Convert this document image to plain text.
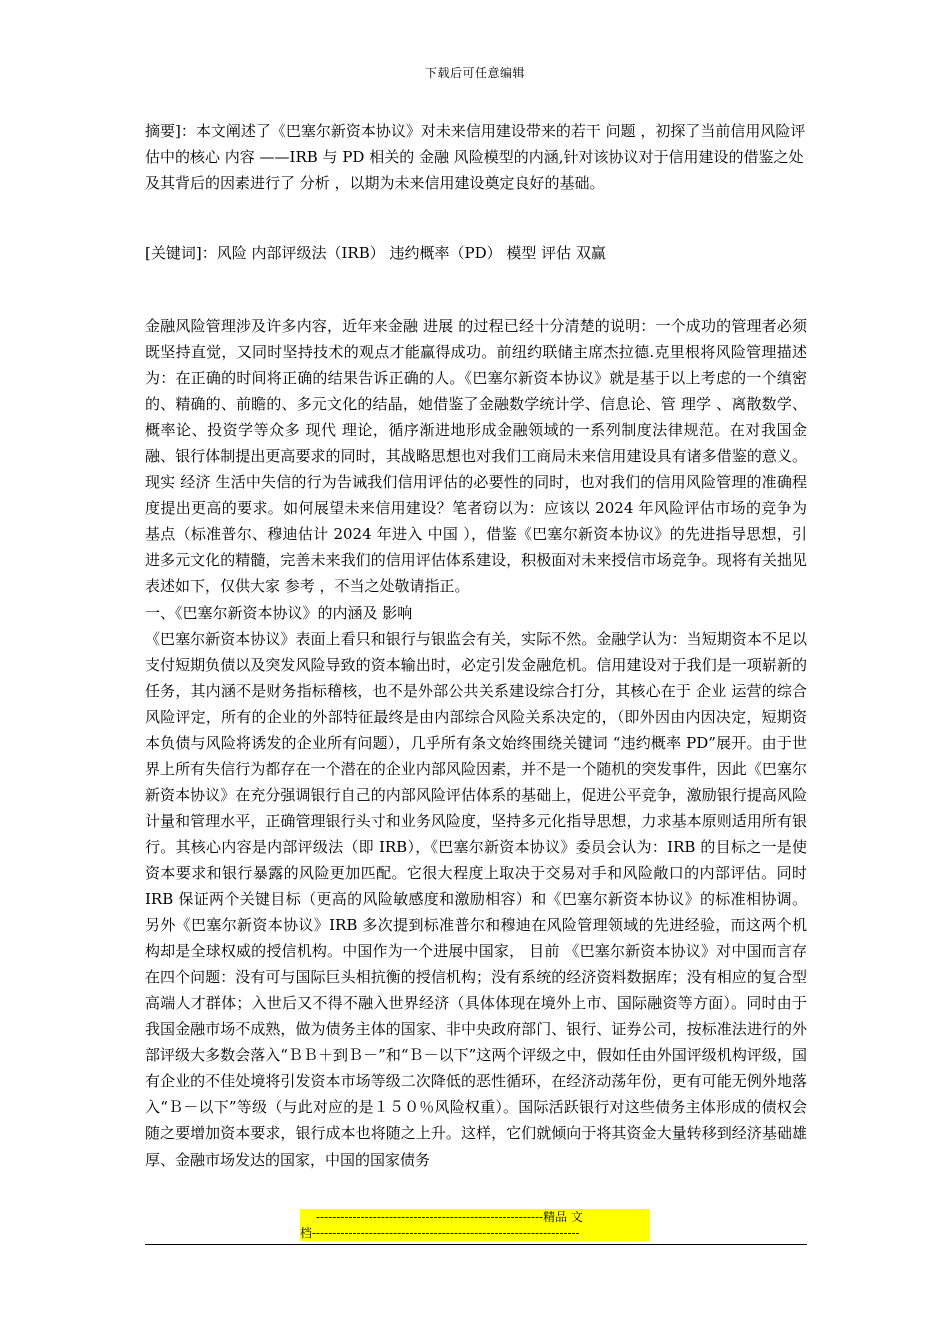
下载后可任意编辑

摘要]：本文阐述了《巴塞尔新资本协议》对未来信用建设带来的若干 问题 ，初探了当前信用风险评估中的核心 内容 ——IRB 与 PD 相关的 金融 风险模型的内涵,针对该协议对于信用建设的借鉴之处及其背后的因素进行了 分析 ，以期为未来信用建设奠定良好的基础。

[关键词]：风险 内部评级法（IRB） 违约概率（PD） 模型 评估 双赢

金融风险管理涉及许多内容，近年来金融 进展 的过程已经十分清楚的说明：一个成功的管理者必须既坚持直觉，又同时坚持技术的观点才能赢得成功。前纽约联储主席杰拉德.克里根将风险管理描述为：在正确的时间将正确的结果告诉正确的人。《巴塞尔新资本协议》就是基于以上考虑的一个缜密的、精确的、前瞻的、多元文化的结晶，她借鉴了金融数学统计学、信息论、管 理学 、离散数学、概率论、投资学等众多 现代 理论，循序渐进地形成金融领域的一系列制度法律规范。在对我国金融、银行体制提出更高要求的同时，其战略思想也对我们工商局未来信用建设具有诸多借鉴的意义。现实 经济 生活中失信的行为告诫我们信用评估的必要性的同时，也对我们的信用风险管理的准确程度提出更高的要求。如何展望未来信用建设？笔者窃以为：应该以 2024 年风险评估市场的竞争为基点（标准普尔、穆迪估计 2024 年进入 中国 ），借鉴《巴塞尔新资本协议》的先进指导思想，引进多元文化的精髓，完善未来我们的信用评估体系建设，积极面对未来授信市场竞争。现将有关拙见表述如下，仅供大家 参考 ，不当之处敬请指正。

一、《巴塞尔新资本协议》的内涵及 影响

《巴塞尔新资本协议》表面上看只和银行与银监会有关，实际不然。金融学认为：当短期资本不足以支付短期负债以及突发风险导致的资本输出时，必定引发金融危机。信用建设对于我们是一项崭新的任务，其内涵不是财务指标稽核，也不是外部公共关系建设综合打分，其核心在于 企业 运营的综合风险评定，所有的企业的外部特征最终是由内部综合风险关系决定的，（即外因由内因决定，短期资本负债与风险将诱发的企业所有问题），几乎所有条文始终围绕关键词 “违约概率 PD”展开。由于世界上所有失信行为都存在一个潜在的企业内部风险因素，并不是一个随机的突发事件，因此《巴塞尔新资本协议》在充分强调银行自己的内部风险评估体系的基础上，促进公平竞争，激励银行提高风险计量和管理水平，正确管理银行头寸和业务风险度，坚持多元化指导思想，力求基本原则适用所有银行。其核心内容是内部评级法（即 IRB），《巴塞尔新资本协议》委员会认为：IRB 的目标之一是使资本要求和银行暴露的风险更加匹配。它很大程度上取决于交易对手和风险敞口的内部评估。同时 IRB 保证两个关键目标（更高的风险敏感度和激励相容）和《巴塞尔新资本协议》的标准相协调。另外《巴塞尔新资本协议》IRB 多次提到标准普尔和穆迪在风险管理领域的先进经验，而这两个机构却是全球权威的授信机构。中国作为一个进展中国家， 目前 《巴塞尔新资本协议》对中国而言存在四个问题：没有可与国际巨头相抗衡的授信机构；没有系统的经济资料数据库；没有相应的复合型高端人才群体；入世后又不得不融入世界经济（具体体现在境外上市、国际融资等方面）。同时由于我国金融市场不成熟，做为债务主体的国家、非中央政府部门、银行、证券公司，按标准法进行的外部评级大多数会落入“ＢＢ＋到Ｂ－”和“Ｂ－以下”这两个评级之中，假如任由外国评级机构评级，国有企业的不佳处境将引发资本市场等级二次降低的恶性循环，在经济动荡年份，更有可能无例外地落入“Ｂ－以下”等级（与此对应的是１５０％风险权重）。国际活跃银行对这些债务主体形成的债权会随之要增加资本要求，银行成本也将随之上升。这样，它们就倾向于将其资金大量转移到经济基础雄厚、金融市场发达的国家，中国的国家债务

--------------------------------------------------------精品 文
档------------------------------------------------------------------
